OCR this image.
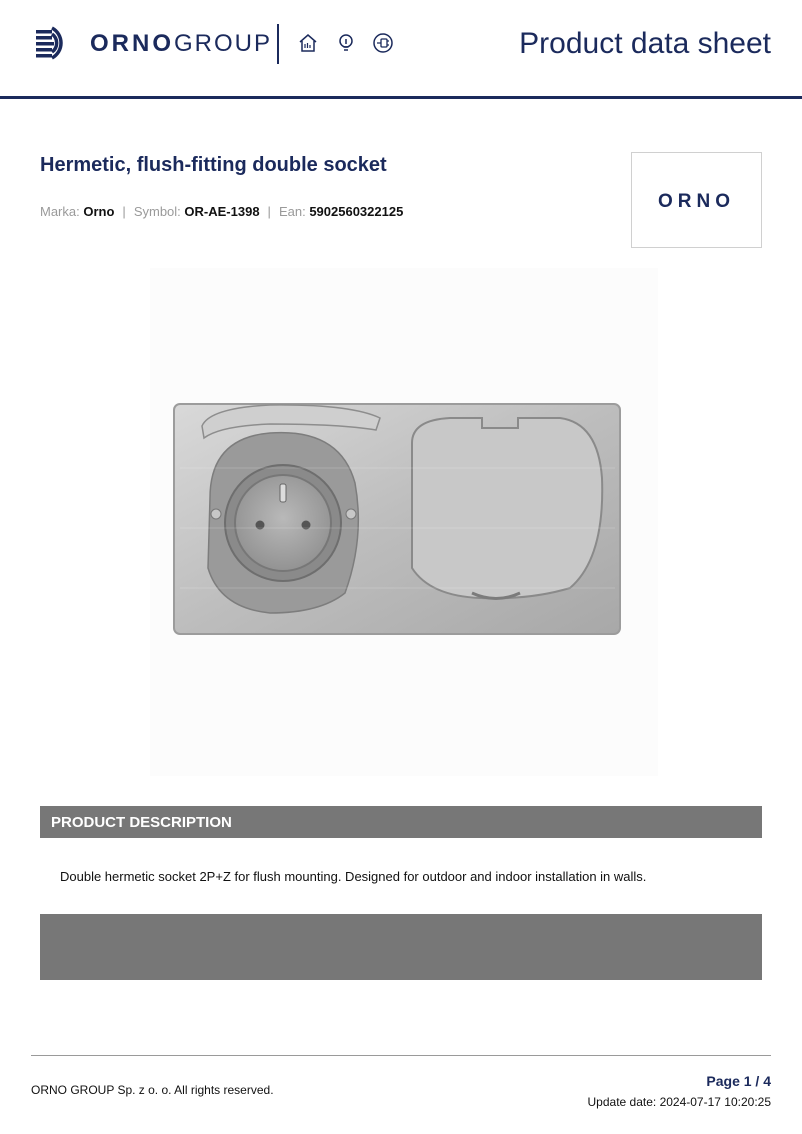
ORNOGROUP	Product data sheet
Hermetic, flush-fitting double socket
Marka: Orno | Symbol: OR-AE-1398 | Ean: 5902560322125	ORNO
PRODUCT DESCRIPTION
Double hermetic socket 2P+Z for flush mounting. Designed for outdoor and indoor installation in walls.
ORNO GROUP Sp. z o. o. All rights reserved.
Page 1 / 4
Update date: 2024-07-17 10:20:25
